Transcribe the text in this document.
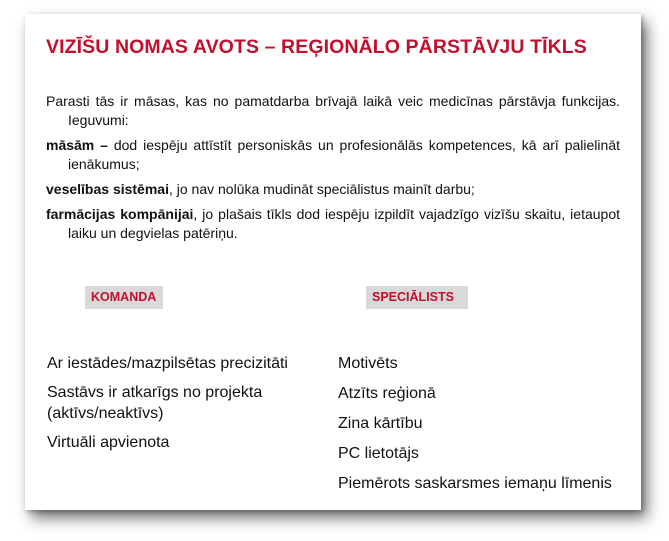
VIZĪŠU NOMAS AVOTS – REĢIONĀLO PĀRSTĀVJU TĪKLS

Parasti tās ir māsas, kas no pamatdarba brīvajā laikā veic medicīnas pārstāvja funkcijas. Ieguvumi:

māsām – dod iespēju attīstīt personiskās un profesionālās kompetences, kā arī palielināt ienākumus;

veselības sistēmai, jo nav nolūka mudināt speciālistus mainīt darbu;

farmācijas kompānijai, jo plašais tīkls dod iespēju izpildīt vajadzīgo vizīšu skaitu, ietaupot laiku un degvielas patēriņu.

KOMANDA	SPECIĀLISTS
Ar iestādes/mazpilsētas precizitāti
Sastāvs ir atkarīgs no projekta (aktīvs/neaktīvs)
Virtuāli apvienota
Motivēts
Atzīts reģionā
Zina kārtību
PC lietotājs
Piemērots saskarsmes iemaņu līmenis
